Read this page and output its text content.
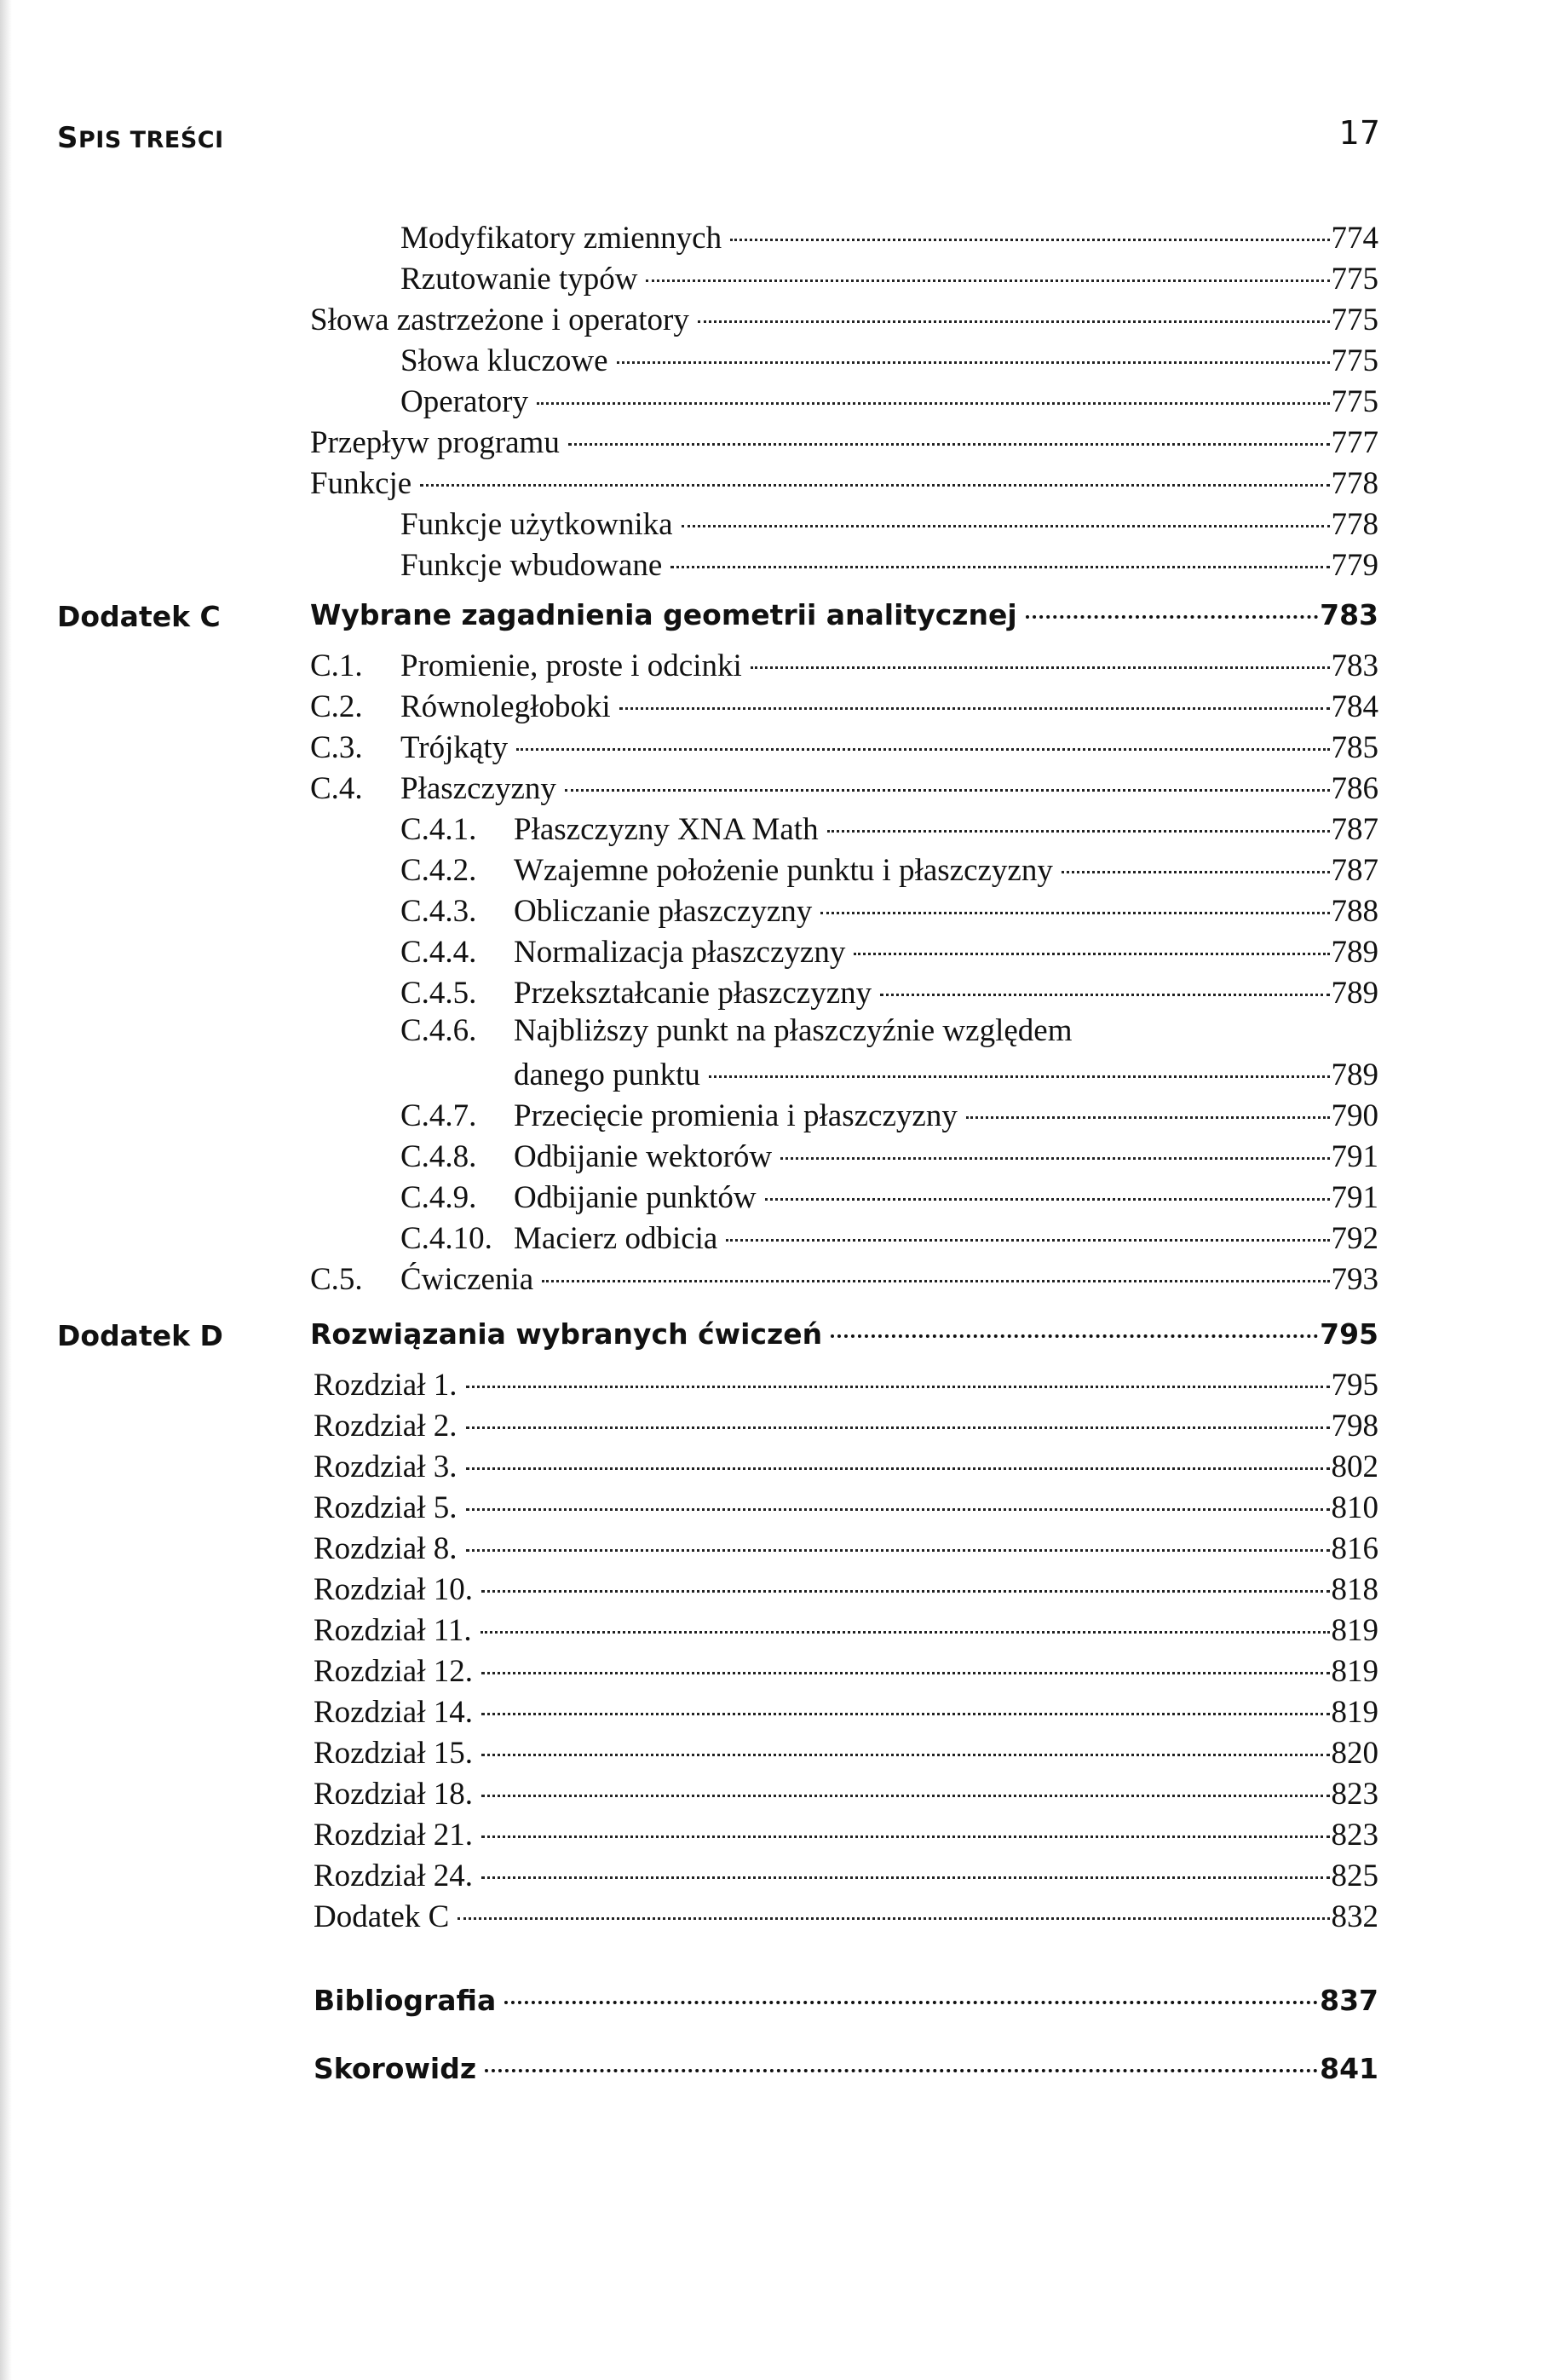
SPIS TREŚCI	17
Modyfikatory zmiennych	774
Rzutowanie typów	775
Słowa zastrzeżone i operatory	775
Słowa kluczowe	775
Operatory	775
Przepływ programu	777
Funkcje	778
Funkcje użytkownika	778
Funkcje wbudowane	779
Dodatek C	Wybrane zagadnienia geometrii analitycznej	783
C.1.	Promienie, proste i odcinki	783
C.2.	Równoległoboki	784
C.3.	Trójkąty	785
C.4.	Płaszczyzny	786
C.4.1.	Płaszczyzny XNA Math	787
C.4.2.	Wzajemne położenie punktu i płaszczyzny	787
C.4.3.	Obliczanie płaszczyzny	788
C.4.4.	Normalizacja płaszczyzny	789
C.4.5.	Przekształcanie płaszczyzny	789
C.4.6. Najbliższy punkt na płaszczyźnie względem
danego punktu	789
C.4.7.	Przecięcie promienia i płaszczyzny	790
C.4.8.	Odbijanie wektorów	791
C.4.9.	Odbijanie punktów	791
C.4.10. Macierz odbicia	792
C.5.	Ćwiczenia	793
Dodatek D	Rozwiązania wybranych ćwiczeń	795
Rozdział 1.	795
Rozdział 2.	798
Rozdział 3.	802
Rozdział 5.	810
Rozdział 8.	816
Rozdział 10.	818
Rozdział 11.	819
Rozdział 12.	819
Rozdział 14.	819
Rozdział 15.	820
Rozdział 18.	823
Rozdział 21.	823
Rozdział 24.	825
Dodatek C	832
Bibliografia	837
Skorowidz	841
